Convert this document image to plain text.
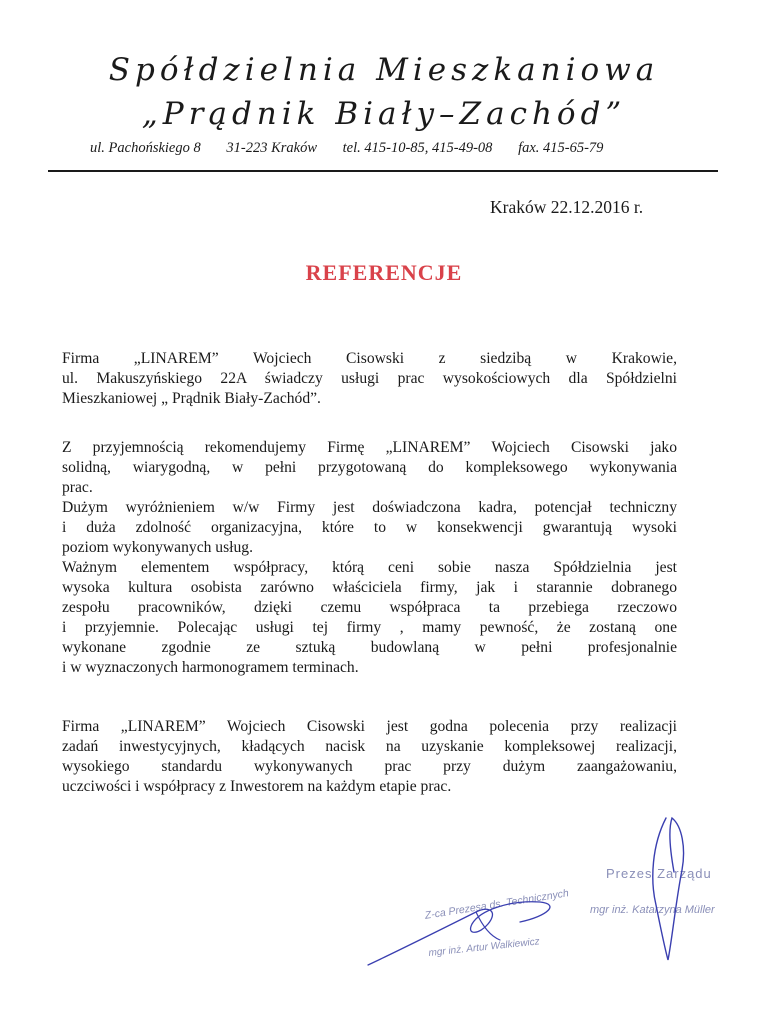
Spółdzielnia Mieszkaniowa
„Prądnik Biały–Zachód”
ul. Pachońskiego 8 31-223 Kraków tel. 415-10-85, 415-49-08 fax. 415-65-79
Kraków 22.12.2016 r.
REFERENCJE
Firma „LINAREM” Wojciech Cisowski z siedzibą w Krakowie,
ul. Makuszyńskiego 22A świadczy usługi prac wysokościowych dla Spółdzielni
Mieszkaniowej „ Prądnik Biały-Zachód”.
Z przyjemnością rekomendujemy Firmę „LINAREM” Wojciech Cisowski jako
solidną, wiarygodną, w pełni przygotowaną do kompleksowego wykonywania
prac.
Dużym wyróżnieniem w/w Firmy jest doświadczona kadra, potencjał techniczny
i duża zdolność organizacyjna, które to w konsekwencji gwarantują wysoki
poziom wykonywanych usług.
Ważnym elementem współpracy, którą ceni sobie nasza Spółdzielnia jest
wysoka kultura osobista zarówno właściciela firmy, jak i starannie dobranego
zespołu pracowników, dzięki czemu współpraca ta przebiega rzeczowo
i przyjemnie. Polecając usługi tej firmy , mamy pewność, że zostaną one
wykonane zgodnie ze sztuką budowlaną w pełni profesjonalnie
i w wyznaczonych harmonogramem terminach.
Firma „LINAREM” Wojciech Cisowski jest godna polecenia przy realizacji
zadań inwestycyjnych, kładących nacisk na uzyskanie kompleksowej realizacji,
wysokiego standardu wykonywanych prac przy dużym zaangażowaniu,
uczciwości i współpracy z Inwestorem na każdym etapie prac.
Prezes Zarządu
mgr inż. Katarzyna Müller
Z-ca Prezesa ds. Technicznych
mgr inż. Artur Walkiewicz
